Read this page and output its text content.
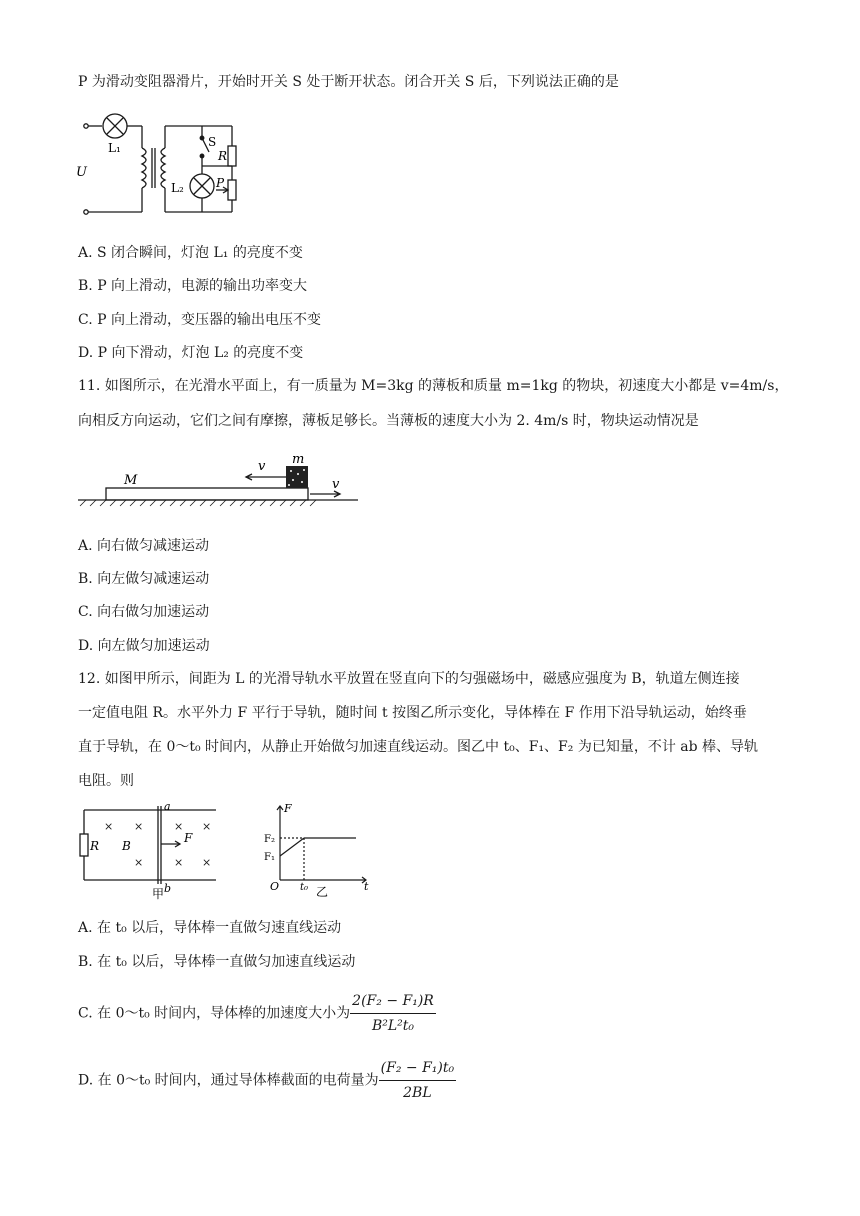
P 为滑动变阻器滑片，开始时开关 S 处于断开状态。闭合开关 S 后，下列说法正确的是
U
L₁
L₂
S
R
P
A. S 闭合瞬间，灯泡 L₁ 的亮度不变
B. P 向上滑动，电源的输出功率变大
C. P 向上滑动，变压器的输出电压不变
D. P 向下滑动，灯泡 L₂ 的亮度不变
11. 如图所示，在光滑水平面上，有一质量为 M=3kg 的薄板和质量 m=1kg 的物块，初速度大小都是 v=4m/s，
向相反方向运动，它们之间有摩擦，薄板足够长。当薄板的速度大小为 2. 4m/s 时，物块运动情况是
M
m
v
v
A. 向右做匀减速运动
B. 向左做匀减速运动
C. 向右做匀加速运动
D. 向左做匀加速运动
12. 如图甲所示，间距为 L 的光滑导轨水平放置在竖直向下的匀强磁场中，磁感应强度为 B，轨道左侧连接
一定值电阻 R。水平外力 F 平行于导轨，随时间 t 按图乙所示变化，导体棒在 F 作用下沿导轨运动，始终垂
直于导轨，在 0～t₀ 时间内，从静止开始做匀加速直线运动。图乙中 t₀、F₁、F₂ 为已知量，不计 ab 棒、导轨
电阻。则
× ×	× ×
×	× ×
R B
F
a
b
甲
F
t
O
F₂
F₁
t₀ 乙
A. 在 t₀ 以后，导体棒一直做匀速直线运动
B. 在 t₀ 以后，导体棒一直做匀加速直线运动
C. 在 0～t₀ 时间内，导体棒的加速度大小为 $\frac{\text{2(F₂ − F₁)R}}{\text{B²L²t₀}}$
D. 在 0～t₀ 时间内，通过导体棒截面的电荷量为 $\frac{\text{(F₂ − F₁)t₀}}{2BL}$
